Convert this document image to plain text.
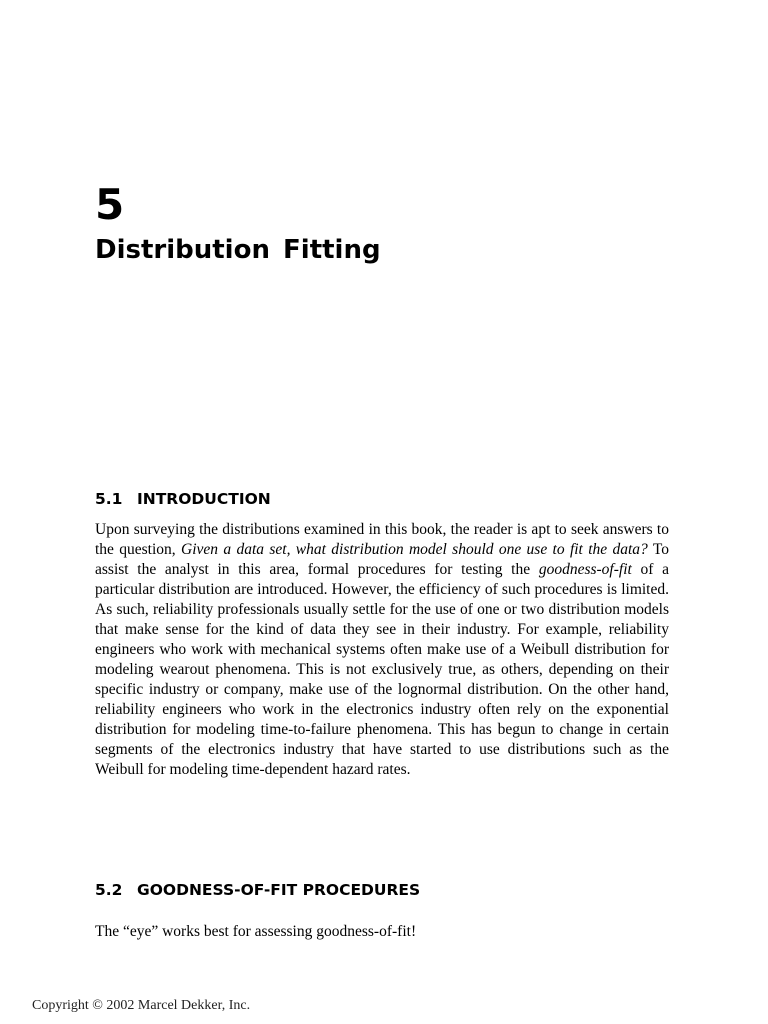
5
Distribution Fitting
5.1 INTRODUCTION

Upon surveying the distributions examined in this book, the reader is apt to seek answers to the question, Given a data set, what distribution model should one use to fit the data? To assist the analyst in this area, formal procedures for testing the goodness-of-fit of a particular distribution are introduced. However, the efficiency of such procedures is limited. As such, reliability professionals usually settle for the use of one or two distribution models that make sense for the kind of data they see in their industry. For example, reliability engineers who work with mechanical systems often make use of a Weibull distribution for modeling wearout phenomena. This is not exclusively true, as others, depending on their specific industry or company, make use of the lognormal distribution. On the other hand, reliability engineers who work in the electronics industry often rely on the exponential distribution for modeling time-to-failure phenomena. This has begun to change in certain segments of the electronics industry that have started to use distributions such as the Weibull for modeling time-dependent hazard rates.

5.2 GOODNESS-OF-FIT PROCEDURES

The “eye” works best for assessing goodness-of-fit!

Copyright © 2002 Marcel Dekker, Inc.
